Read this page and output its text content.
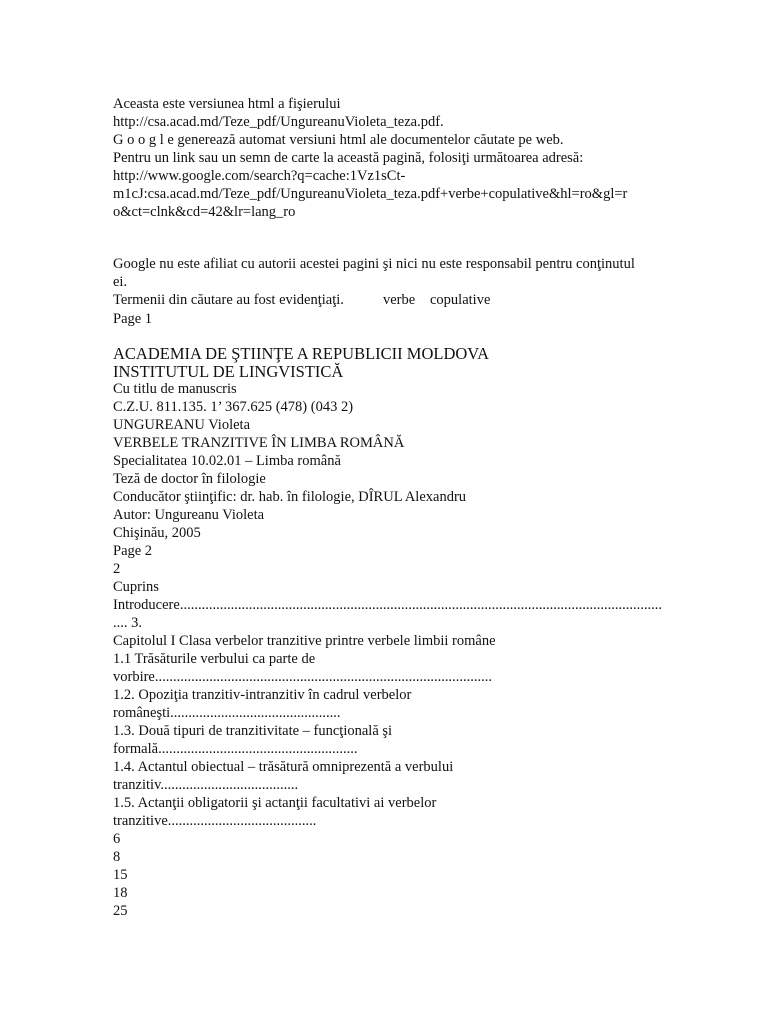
Aceasta este versiunea html a fişierului
http://csa.acad.md/Teze_pdf/UngureanuVioleta_teza.pdf.
G o o g l e generează automat versiuni html ale documentelor căutate pe web.
Pentru un link sau un semn de carte la această pagină, folosiţi următoarea adresă:
http://www.google.com/search?q=cache:1Vz1sCt-
m1cJ:csa.acad.md/Teze_pdf/UngureanuVioleta_teza.pdf+verbe+copulative&hl=ro&gl=r
o&ct=clnk&cd=42&lr=lang_ro
Google nu este afiliat cu autorii acestei pagini şi nici nu este responsabil pentru conţinutul
ei.
Termenii din căutare au fost evidenţiaţi.	verbe copulative
Page 1
ACADEMIA DE ŞTIINŢE A REPUBLICII MOLDOVA
INSTITUTUL DE LINGVISTICĂ
Cu titlu de manuscris
C.Z.U. 811.135. 1’ 367.625 (478) (043 2)
UNGUREANU Violeta
VERBELE TRANZITIVE ÎN LIMBA ROMÂNĂ
Specialitatea 10.02.01 – Limba română
Teză de doctor în filologie
Conducător ştiinţific: dr. hab. în filologie, DÎRUL Alexandru
Autor: Ungureanu Violeta
Chişinău, 2005
Page 2
2
Cuprins
Introducere.....................................................................................................................................
.... 3.
Capitolul I Clasa verbelor tranzitive printre verbele limbii române
1.1 Trăsăturile verbului ca parte de
vorbire.............................................................................................
1.2. Opoziţia tranzitiv-intranzitiv în cadrul verbelor
româneşti...............................................
1.3. Două tipuri de tranzitivitate – funcţională şi
formală.......................................................
1.4. Actantul obiectual – trăsătură omniprezentă a verbului
tranzitiv......................................
1.5. Actanţii obligatorii şi actanţii facultativi ai verbelor
tranzitive.........................................
6
8
15
18
25
